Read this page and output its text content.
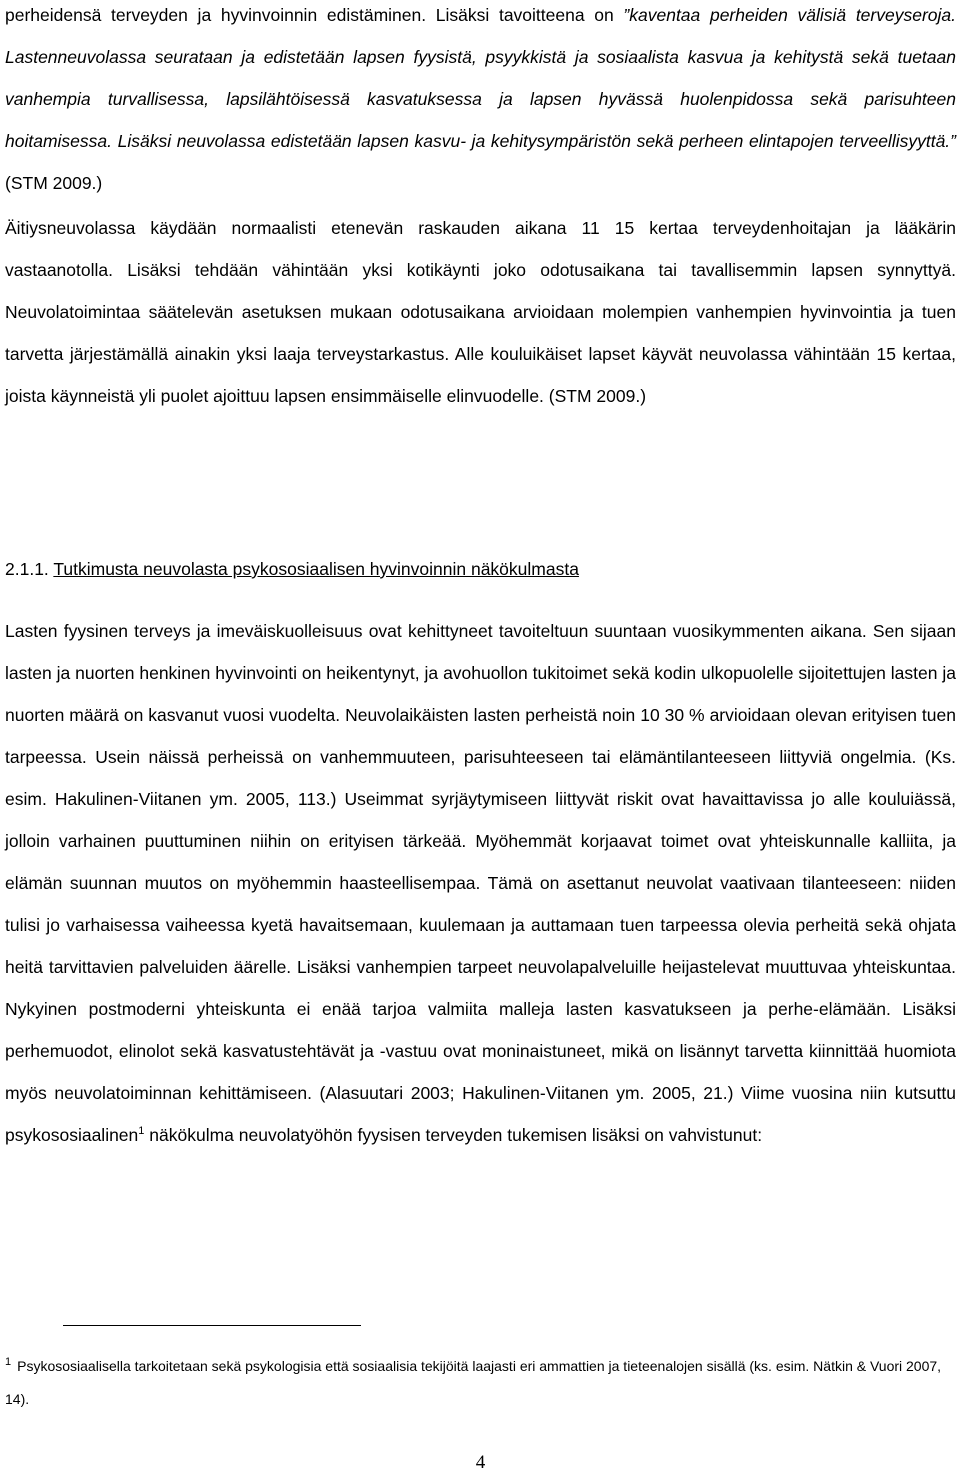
perheidensä terveyden ja hyvinvoinnin edistäminen. Lisäksi tavoitteena on ”kaventaa perheiden välisiä terveyseroja. Lastenneuvolassa seurataan ja edistetään lapsen fyysistä, psyykkistä ja sosiaalista kasvua ja kehitystä sekä tuetaan vanhempia turvallisessa, lapsilähtöisessä kasvatuksessa ja lapsen hyvässä huolenpidossa sekä parisuhteen hoitamisessa. Lisäksi neuvolassa edistetään lapsen kasvu- ja kehitysympäristön sekä perheen elintapojen terveellisyyttä.” (STM 2009.)

Äitiysneuvolassa käydään normaalisti etenevän raskauden aikana 11 15 kertaa terveydenhoitajan ja lääkärin vastaanotolla. Lisäksi tehdään vähintään yksi kotikäynti joko odotusaikana tai tavallisemmin lapsen synnyttyä. Neuvolatoimintaa säätelevän asetuksen mukaan odotusaikana arvioidaan molempien vanhempien hyvinvointia ja tuen tarvetta järjestämällä ainakin yksi laaja terveystarkastus. Alle kouluikäiset lapset käyvät neuvolassa vähintään 15 kertaa, joista käynneistä yli puolet ajoittuu lapsen ensimmäiselle elinvuodelle. (STM 2009.)

2.1.1. Tutkimusta neuvolasta psykososiaalisen hyvinvoinnin näkökulmasta

Lasten fyysinen terveys ja imeväiskuolleisuus ovat kehittyneet tavoiteltuun suuntaan vuosikymmenten aikana. Sen sijaan lasten ja nuorten henkinen hyvinvointi on heikentynyt, ja avohuollon tukitoimet sekä kodin ulkopuolelle sijoitettujen lasten ja nuorten määrä on kasvanut vuosi vuodelta. Neuvolaikäisten lasten perheistä noin 10 30 % arvioidaan olevan erityisen tuen tarpeessa. Usein näissä perheissä on vanhemmuuteen, parisuhteeseen tai elämäntilanteeseen liittyviä ongelmia. (Ks. esim. Hakulinen-Viitanen ym. 2005, 113.) Useimmat syrjäytymiseen liittyvät riskit ovat havaittavissa jo alle kouluiässä, jolloin varhainen puuttuminen niihin on erityisen tärkeää. Myöhemmät korjaavat toimet ovat yhteiskunnalle kalliita, ja elämän suunnan muutos on myöhemmin haasteellisempaa. Tämä on asettanut neuvolat vaativaan tilanteeseen: niiden tulisi jo varhaisessa vaiheessa kyetä havaitsemaan, kuulemaan ja auttamaan tuen tarpeessa olevia perheitä sekä ohjata heitä tarvittavien palveluiden äärelle. Lisäksi vanhempien tarpeet neuvolapalveluille heijastelevat muuttuvaa yhteiskuntaa. Nykyinen postmoderni yhteiskunta ei enää tarjoa valmiita malleja lasten kasvatukseen ja perhe-elämään. Lisäksi perhemuodot, elinolot sekä kasvatustehtävät ja -vastuu ovat moninaistuneet, mikä on lisännyt tarvetta kiinnittää huomiota myös neuvolatoiminnan kehittämiseen. (Alasuutari 2003; Hakulinen-Viitanen ym. 2005, 21.) Viime vuosina niin kutsuttu psykososiaalinen$^1$ näkökulma neuvolatyöhön fyysisen terveyden tukemisen lisäksi on vahvistunut:

$^1$ Psykososiaalisella tarkoitetaan sekä psykologisia että sosiaalisia tekijöitä laajasti eri ammattien ja tieteenalojen sisällä (ks. esim. Nätkin & Vuori 2007, 14).

4
